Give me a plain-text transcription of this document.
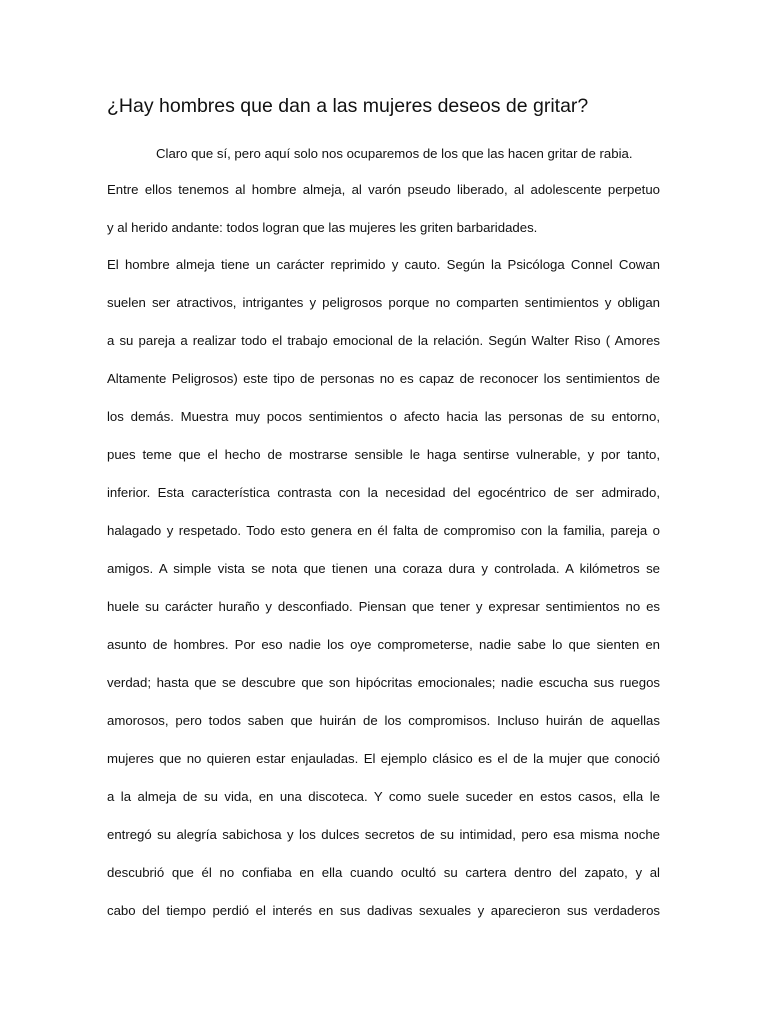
¿Hay hombres que dan a las mujeres deseos de gritar?
Claro que sí, pero aquí solo nos ocuparemos de los que las hacen gritar de rabia.
Entre ellos tenemos al hombre almeja, al varón pseudo liberado, al adolescente perpetuo
y al herido andante: todos logran que las mujeres les griten barbaridades.
El hombre almeja tiene un carácter reprimido y cauto. Según la Psicóloga Connel Cowan
suelen ser atractivos, intrigantes y peligrosos porque no comparten sentimientos y obligan
a su pareja a realizar todo el trabajo emocional de la relación. Según Walter Riso ( Amores
Altamente Peligrosos) este tipo de personas no es capaz de reconocer los sentimientos de
los demás. Muestra muy pocos sentimientos o afecto hacia las personas de su entorno,
pues teme que el hecho de mostrarse sensible le haga sentirse vulnerable, y por tanto,
inferior. Esta característica contrasta con la necesidad del egocéntrico de ser admirado,
halagado y respetado. Todo esto genera en él falta de compromiso con la familia, pareja o
amigos. A simple vista se nota que tienen una coraza dura y controlada. A kilómetros se
huele su carácter huraño y desconfiado. Piensan que tener y expresar sentimientos no es
asunto de hombres. Por eso nadie los oye comprometerse, nadie sabe lo que sienten en
verdad; hasta que se descubre que son hipócritas emocionales; nadie escucha sus ruegos
amorosos, pero todos saben que huirán de los compromisos. Incluso huirán de aquellas
mujeres que no quieren estar enjauladas. El ejemplo clásico es el de la mujer que conoció
a la almeja de su vida, en una discoteca. Y como suele suceder en estos casos, ella le
entregó su alegría sabichosa y los dulces secretos de su intimidad, pero esa misma noche
descubrió que él no confiaba en ella cuando ocultó su cartera dentro del zapato, y al
cabo del tiempo perdió el interés en sus dadivas sexuales y aparecieron sus verdaderos
